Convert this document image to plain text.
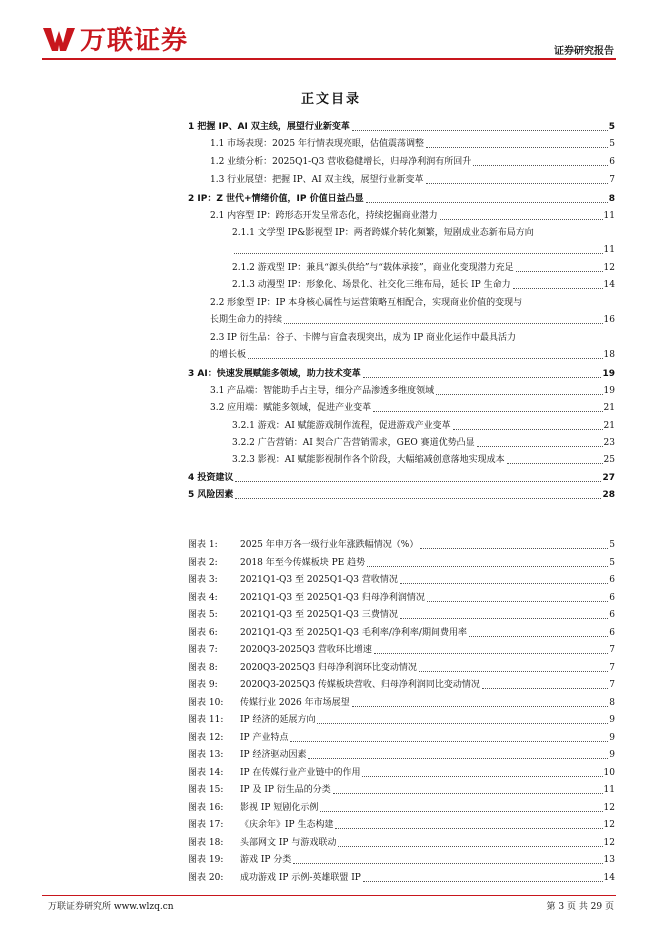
万联证券	证券研究报告
正文目录
1 把握 IP、AI 双主线，展望行业新变革	5
1.1 市场表现：2025 年行情表现亮眼，估值震荡调整	5
1.2 业绩分析：2025Q1-Q3 营收稳健增长，归母净利润有所回升	6
1.3 行业展望：把握 IP、AI 双主线，展望行业新变革	7
2 IP：Z 世代+情绪价值，IP 价值日益凸显	8
2.1 内容型 IP：跨形态开发呈常态化，持续挖掘商业潜力	11
2.1.1 文学型 IP&影视型 IP：两者跨媒介转化频繁，短剧成业态新布局方向
11
2.1.2 游戏型 IP：兼具“源头供给”与“载体承接”，商业化变现潜力充足	12
2.1.3 动漫型 IP：形象化、场景化、社交化三维布局，延长 IP 生命力	14
2.2 形象型 IP：IP 本身核心属性与运营策略互相配合，实现商业价值的变现与
长期生命力的持续	16
2.3 IP 衍生品：谷子、卡牌与盲盒表现突出，成为 IP 商业化运作中最具活力
的增长板	18
3 AI：快速发展赋能多领域，助力技术变革	19
3.1 产品端：智能助手占主导，细分产品渗透多维度领域	19
3.2 应用端：赋能多领域，促进产业变革	21
3.2.1 游戏：AI 赋能游戏制作流程，促进游戏产业变革	21
3.2.2 广告营销：AI 契合广告营销需求，GEO 赛道优势凸显	23
3.2.3 影视：AI 赋能影视制作各个阶段，大幅缩减创意落地实现成本	25
4 投资建议	27
5 风险因素	28
图表 1:	2025 年申万各一级行业年涨跌幅情况（%）	5
图表 2:	2018 年至今传媒板块 PE 趋势	5
图表 3:	2021Q1-Q3 至 2025Q1-Q3 营收情况	6
图表 4:	2021Q1-Q3 至 2025Q1-Q3 归母净利润情况	6
图表 5:	2021Q1-Q3 至 2025Q1-Q3 三费情况	6
图表 6:	2021Q1-Q3 至 2025Q1-Q3 毛利率/净利率/期间费用率	6
图表 7:	2020Q3-2025Q3 营收环比增速	7
图表 8:	2020Q3-2025Q3 归母净利润环比变动情况	7
图表 9:	2020Q3-2025Q3 传媒板块营收、归母净利润同比变动情况	7
图表 10:	传媒行业 2026 年市场展望	8
图表 11:	IP 经济的延展方向	9
图表 12:	IP 产业特点	9
图表 13:	IP 经济驱动因素	9
图表 14:	IP 在传媒行业产业链中的作用	10
图表 15:	IP 及 IP 衍生品的分类	11
图表 16:	影视 IP 短剧化示例	12
图表 17:	《庆余年》IP 生态构建	12
图表 18:	头部网文 IP 与游戏联动	12
图表 19:	游戏 IP 分类	13
图表 20:	成功游戏 IP 示例-英雄联盟 IP	14
万联证券研究所 www.wlzq.cn	第 3 页 共 29 页
